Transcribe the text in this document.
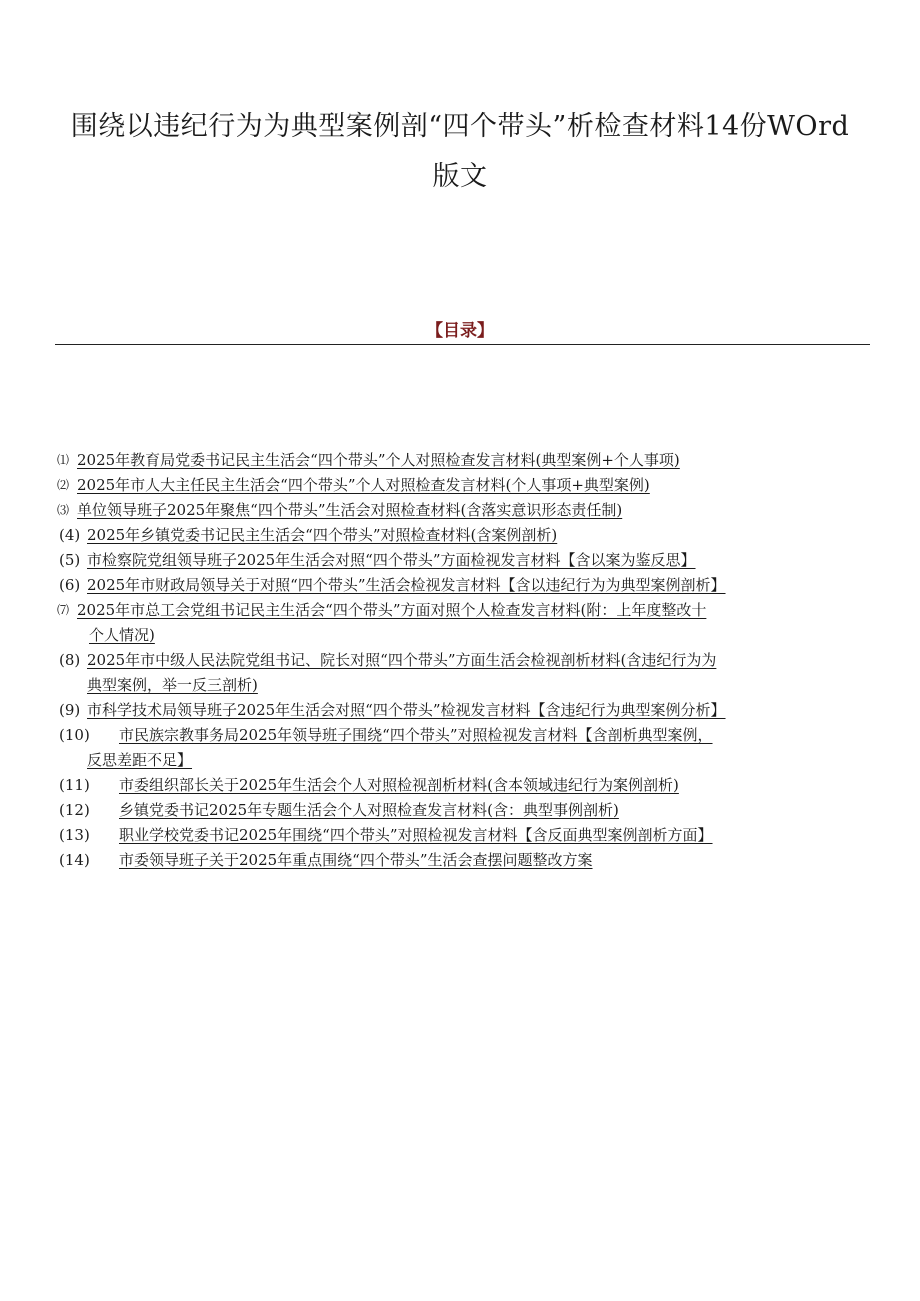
围绕以违纪行为为典型案例剖“四个带头”析检查材料14份WOrd
版文
【目录】
⑴ 2025年教育局党委书记民主生活会“四个带头”个人对照检查发言材料(典型案例+个人事项)
⑵ 2025年市人大主任民主生活会“四个带头”个人对照检查发言材料(个人事项+典型案例)
⑶ 单位领导班子2025年聚焦“四个带头”生活会对照检查材料(含落实意识形态责任制)
(4) 2025年乡镇党委书记民主生活会“四个带头”对照检查材料(含案例剖析)
(5) 市检察院党组领导班子2025年生活会对照“四个带头”方面检视发言材料【含以案为鉴反思】
(6) 2025年市财政局领导关于对照“四个带头”生活会检视发言材料【含以违纪行为为典型案例剖析】
⑺ 2025年市总工会党组书记民主生活会“四个带头”方面对照个人检查发言材料(附：上年度整改十
个人情况)
(8) 2025年市中级人民法院党组书记、院长对照“四个带头”方面生活会检视剖析材料(含违纪行为为
典型案例，举一反三剖析)
(9) 市科学技术局领导班子2025年生活会对照“四个带头”检视发言材料【含违纪行为典型案例分析】
(10)	市民族宗教事务局2025年领导班子围绕“四个带头”对照检视发言材料【含剖析典型案例，
反思差距不足】
(11)	市委组织部长关于2025年生活会个人对照检视剖析材料(含本领域违纪行为案例剖析)
(12)	乡镇党委书记2025年专题生活会个人对照检查发言材料(含：典型事例剖析)
(13)	职业学校党委书记2025年围绕“四个带头”对照检视发言材料【含反面典型案例剖析方面】
(14)	市委领导班子关于2025年重点围绕“四个带头”生活会查摆问题整改方案
